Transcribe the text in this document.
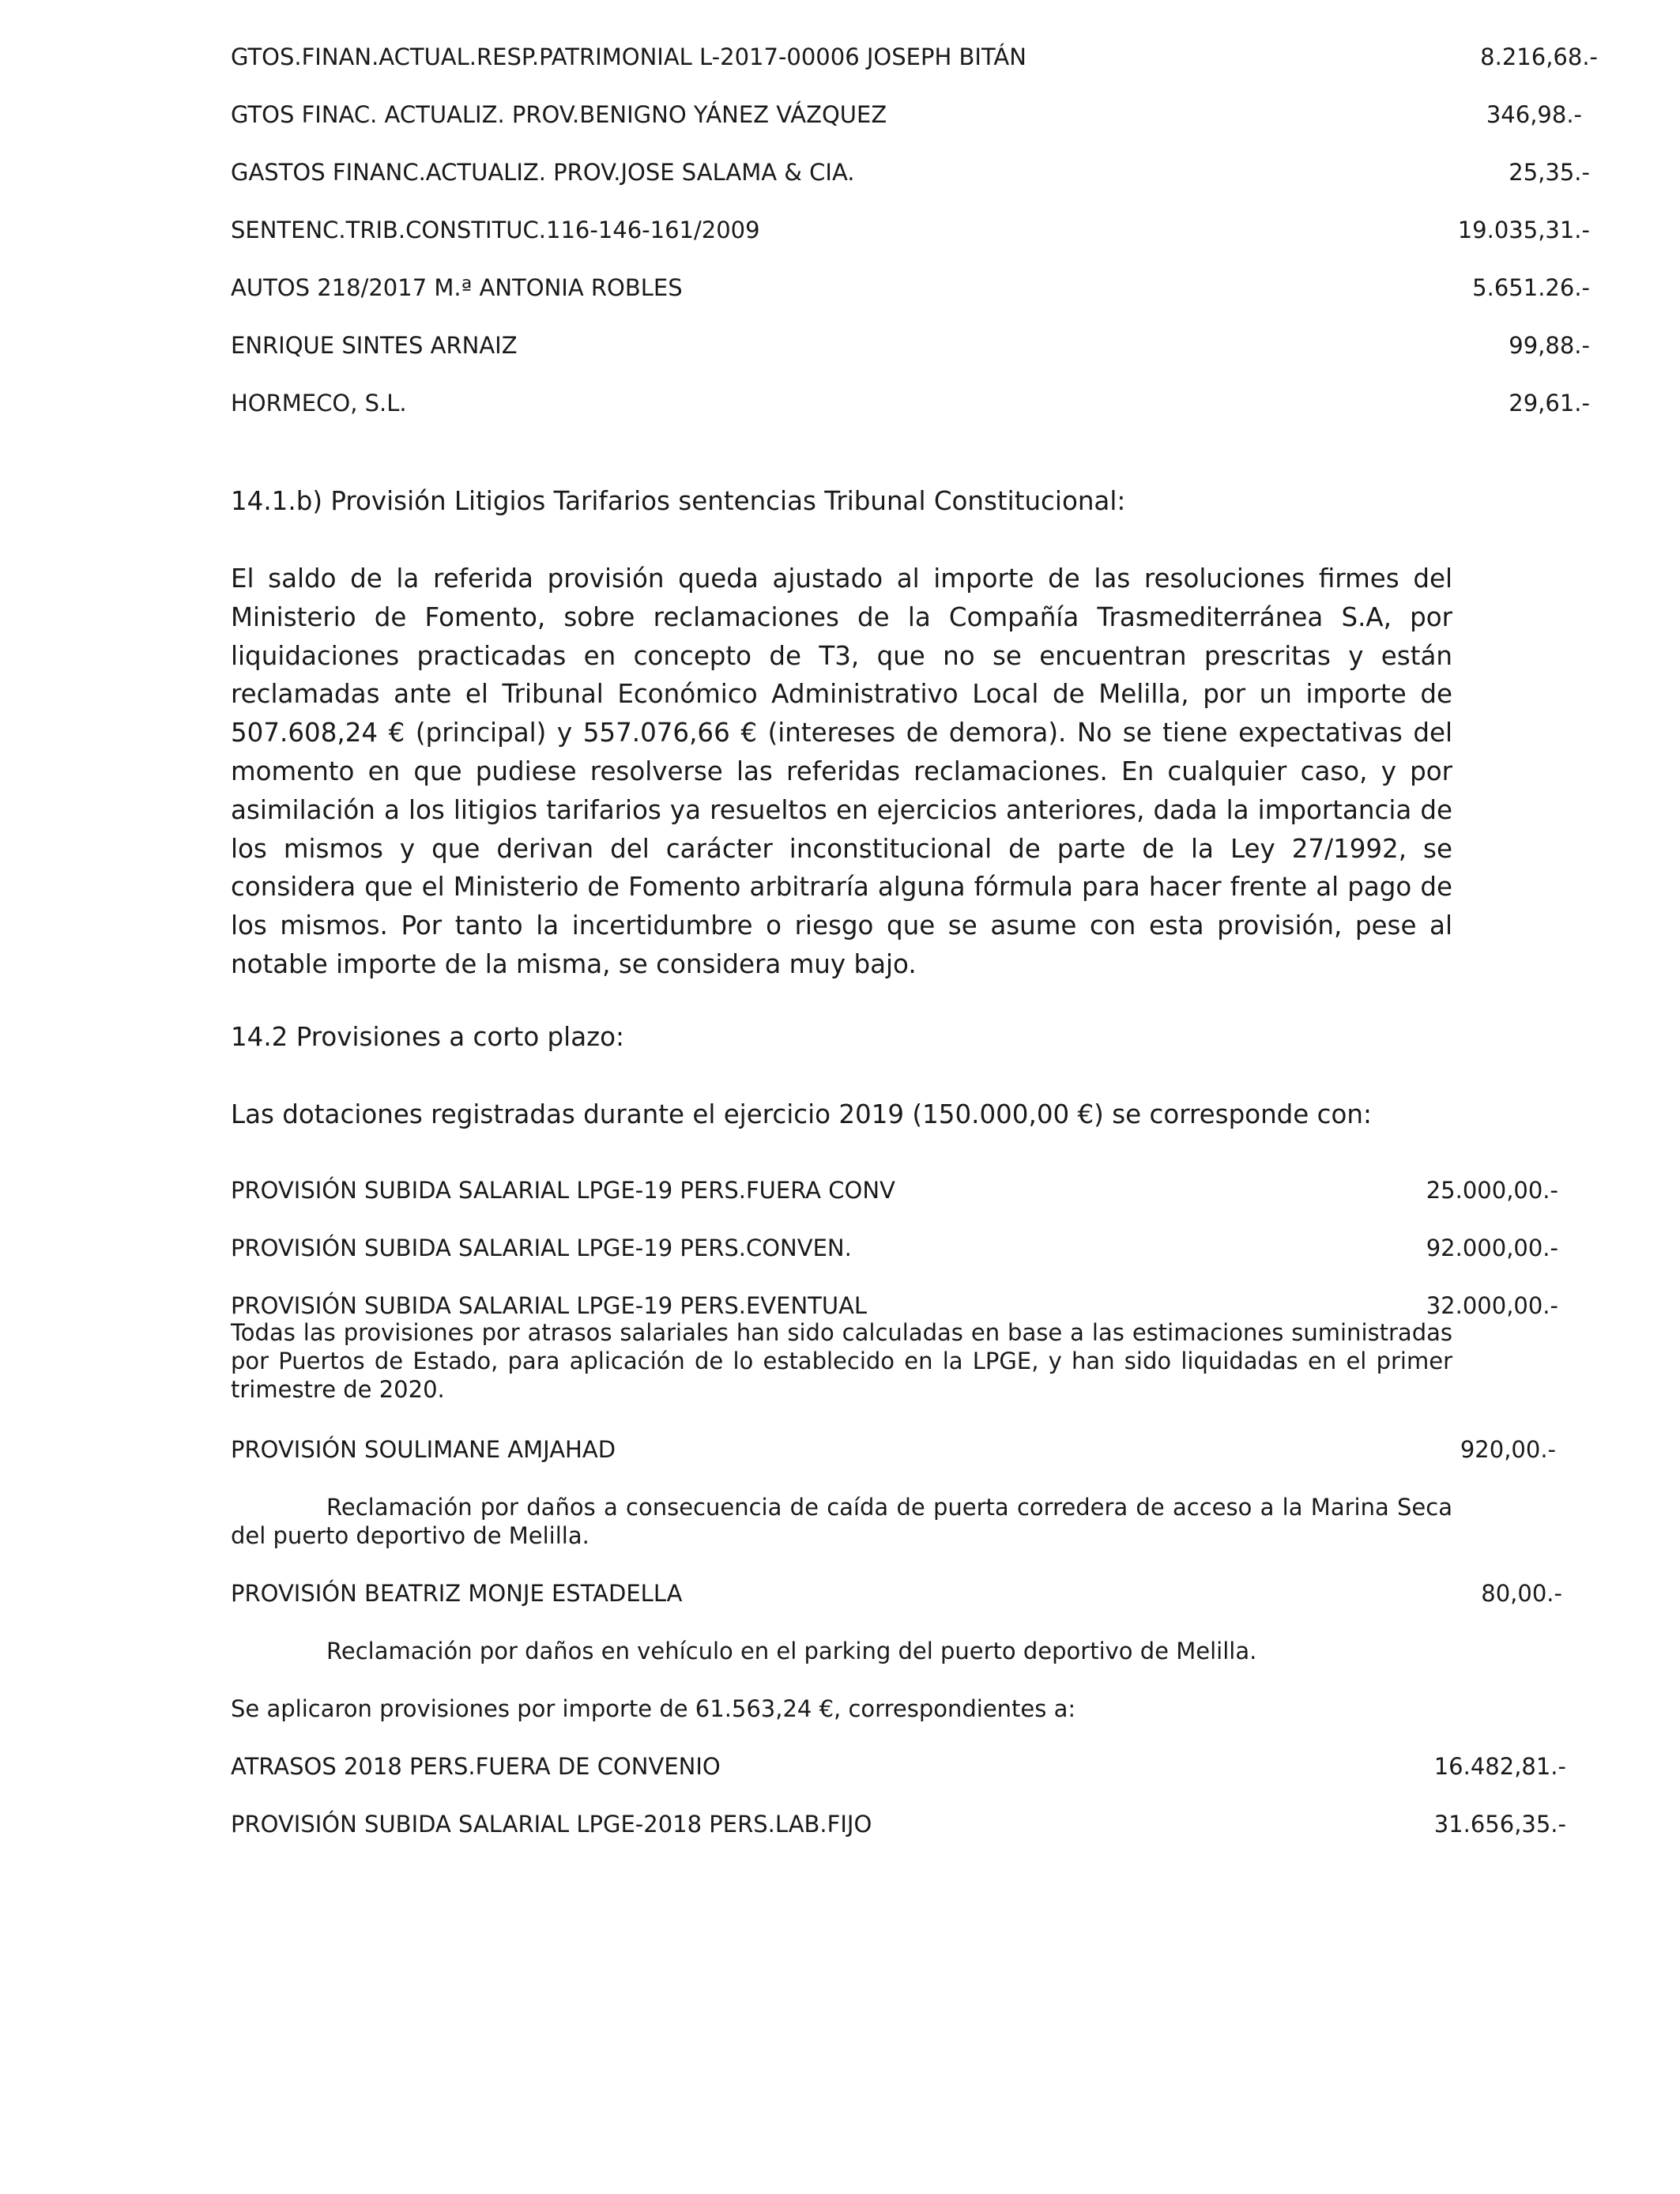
GTOS.FINAN.ACTUAL.RESP.PATRIMONIAL L-2017-00006 JOSEPH BITÁN	8.216,68.-
GTOS FINAC. ACTUALIZ. PROV.BENIGNO YÁNEZ VÁZQUEZ	346,98.-
GASTOS FINANC.ACTUALIZ. PROV.JOSE SALAMA & CIA.	25,35.-
SENTENC.TRIB.CONSTITUC.116-146-161/2009	19.035,31.-
AUTOS 218/2017 M.ª ANTONIA ROBLES	5.651.26.-
ENRIQUE SINTES ARNAIZ	99,88.-
HORMECO, S.L.	29,61.-
14.1.b) Provisión Litigios Tarifarios sentencias Tribunal Constitucional:

El saldo de la referida provisión queda ajustado al importe de las resoluciones firmes del Ministerio de Fomento, sobre reclamaciones de la Compañía Trasmediterránea S.A, por liquidaciones practicadas en concepto de T3, que no se encuentran prescritas y están reclamadas ante el Tribunal Económico Administrativo Local de Melilla, por un importe de 507.608,24 € (principal) y 557.076,66 € (intereses de demora). No se tiene expectativas del momento en que pudiese resolverse las referidas reclamaciones. En cualquier caso, y por asimilación a los litigios tarifarios ya resueltos en ejercicios anteriores, dada la importancia de los mismos y que derivan del carácter inconstitucional de parte de la Ley 27/1992, se considera que el Ministerio de Fomento arbitraría alguna fórmula para hacer frente al pago de los mismos. Por tanto la incertidumbre o riesgo que se asume con esta provisión, pese al notable importe de la misma, se considera muy bajo.

14.2 Provisiones a corto plazo:
Las dotaciones registradas durante el ejercicio 2019 (150.000,00 €) se corresponde con:
PROVISIÓN SUBIDA SALARIAL LPGE-19 PERS.FUERA CONV	25.000,00.-
PROVISIÓN SUBIDA SALARIAL LPGE-19 PERS.CONVEN.	92.000,00.-
PROVISIÓN SUBIDA SALARIAL LPGE-19 PERS.EVENTUAL	32.000,00.-

Todas las provisiones por atrasos salariales han sido calculadas en base a las estimaciones suministradas por Puertos de Estado, para aplicación de lo establecido en la LPGE, y han sido liquidadas en el primer trimestre de 2020.

PROVISIÓN SOULIMANE AMJAHAD	920,00.-

Reclamación por daños a consecuencia de caída de puerta corredera de acceso a la Marina Seca del puerto deportivo de Melilla.

PROVISIÓN BEATRIZ MONJE ESTADELLA	80,00.-

Reclamación por daños en vehículo en el parking del puerto deportivo de Melilla.

Se aplicaron provisiones por importe de 61.563,24 €, correspondientes a:
ATRASOS 2018 PERS.FUERA DE CONVENIO	16.482,81.-
PROVISIÓN SUBIDA SALARIAL LPGE-2018 PERS.LAB.FIJO	31.656,35.-
